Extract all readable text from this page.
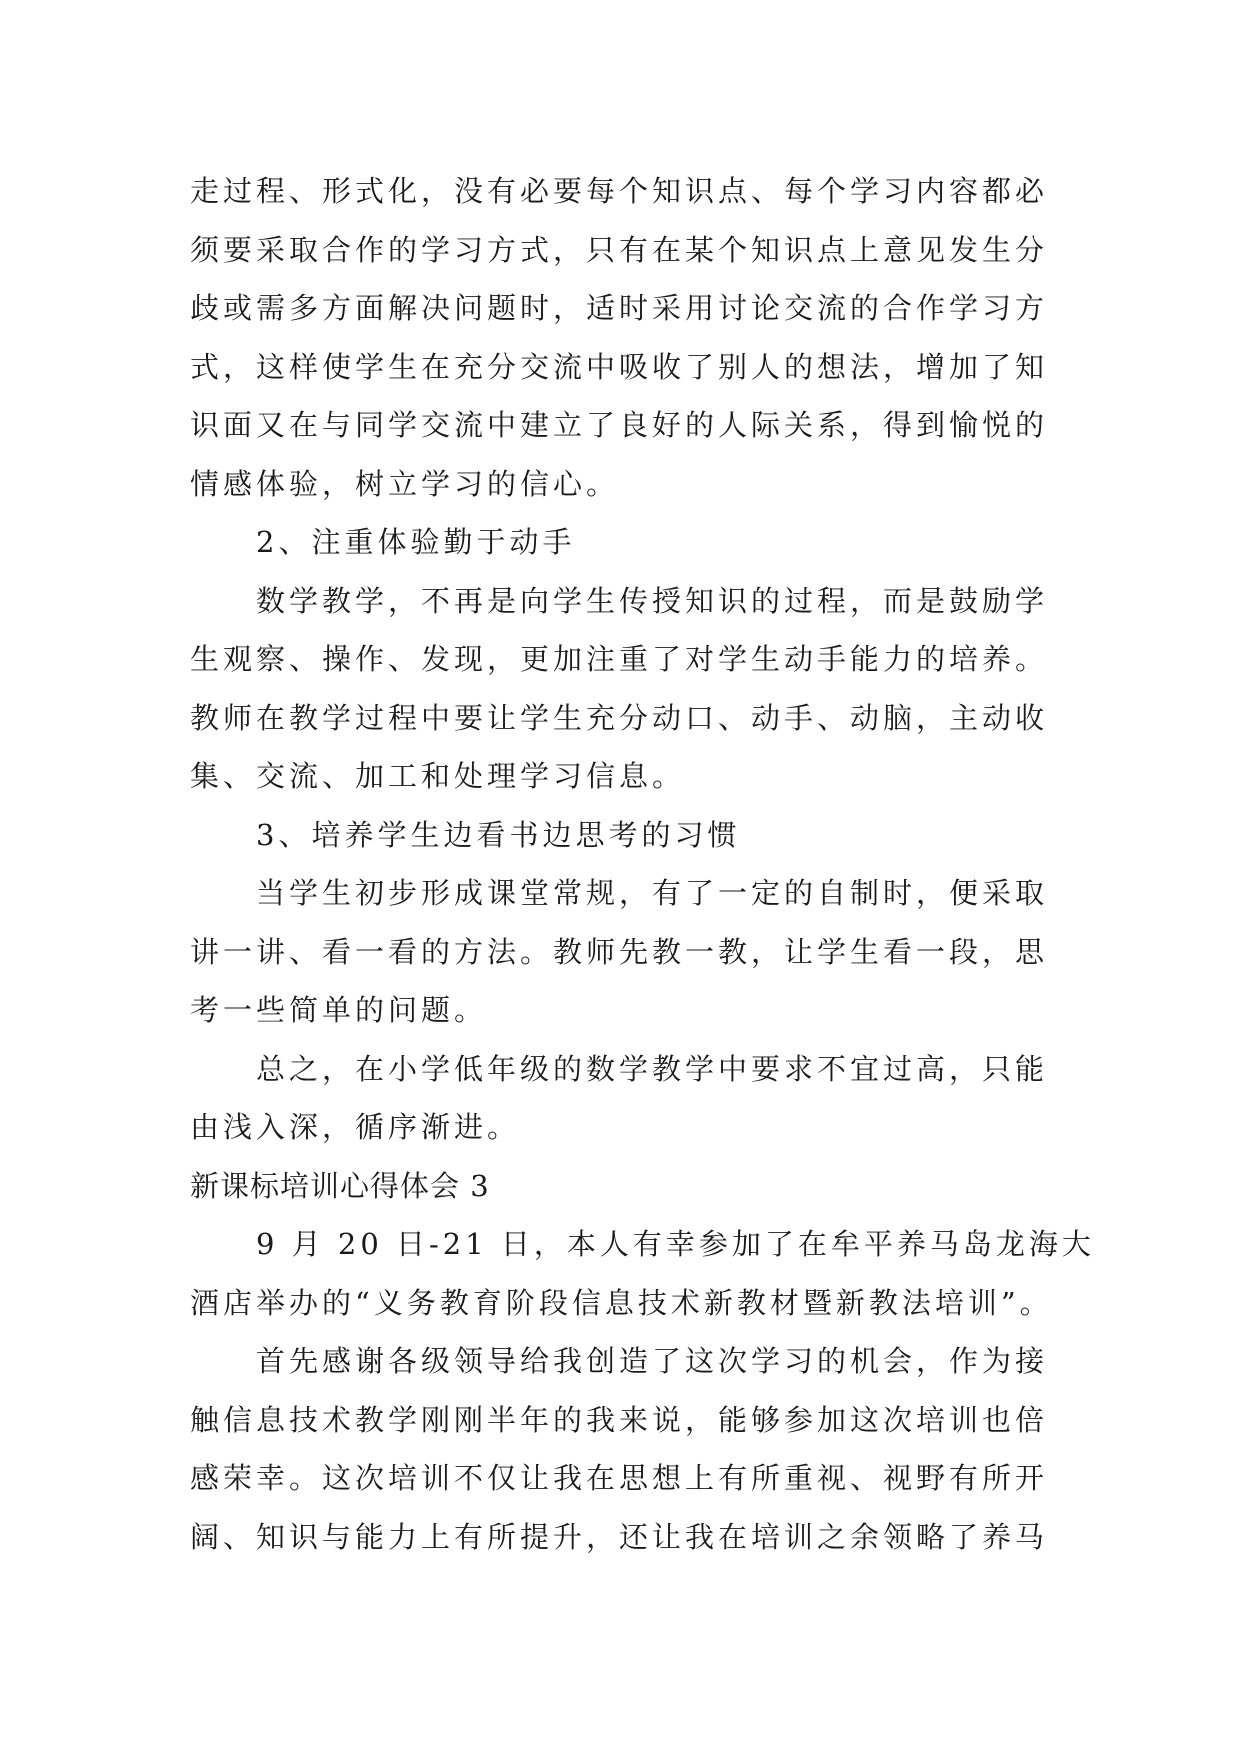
走过程、形式化，没有必要每个知识点、每个学习内容都必

须要采取合作的学习方式，只有在某个知识点上意见发生分

歧或需多方面解决问题时，适时采用讨论交流的合作学习方

式，这样使学生在充分交流中吸收了别人的想法，增加了知

识面又在与同学交流中建立了良好的人际关系，得到愉悦的

情感体验，树立学习的信心。

2、注重体验勤于动手

数学教学，不再是向学生传授知识的过程，而是鼓励学

生观察、操作、发现，更加注重了对学生动手能力的培养。

教师在教学过程中要让学生充分动口、动手、动脑，主动收

集、交流、加工和处理学习信息。

3、培养学生边看书边思考的习惯

当学生初步形成课堂常规，有了一定的自制时，便采取

讲一讲、看一看的方法。教师先教一教，让学生看一段，思

考一些简单的问题。

总之，在小学低年级的数学教学中要求不宜过高，只能

由浅入深，循序渐进。

新课标培训心得体会 3

9 月 20 日-21 日，本人有幸参加了在牟平养马岛龙海大

酒店举办的“义务教育阶段信息技术新教材暨新教法培训”。

首先感谢各级领导给我创造了这次学习的机会，作为接

触信息技术教学刚刚半年的我来说，能够参加这次培训也倍

感荣幸。这次培训不仅让我在思想上有所重视、视野有所开

阔、知识与能力上有所提升，还让我在培训之余领略了养马
